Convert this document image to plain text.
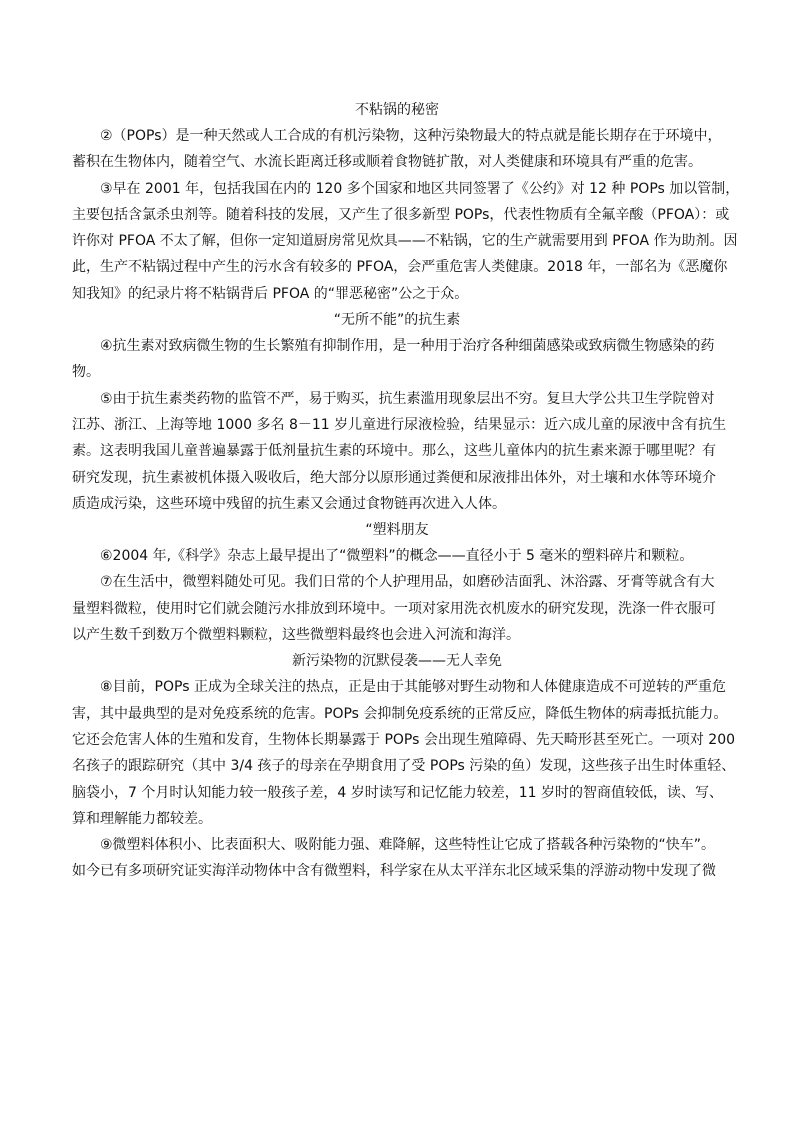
不粘锅的秘密
②（POPs）是一种天然或人工合成的有机污染物，这种污染物最大的特点就是能长期存在于环境中，
蓄积在生物体内，随着空气、水流长距离迁移或顺着食物链扩散，对人类健康和环境具有严重的危害。
③早在 2001 年，包括我国在内的 120 多个国家和地区共同签署了《公约》对 12 种 POPs 加以管制，
主要包括含氯杀虫剂等。随着科技的发展，又产生了很多新型 POPs，代表性物质有全氟辛酸（PFOA）：或
许你对 PFOA 不太了解，但你一定知道厨房常见炊具——不粘锅，它的生产就需要用到 PFOA 作为助剂。因
此，生产不粘锅过程中产生的污水含有较多的 PFOA，会严重危害人类健康。2018 年，一部名为《恶魔你
知我知》的纪录片将不粘锅背后 PFOA 的“罪恶秘密”公之于众。
“无所不能”的抗生素
④抗生素对致病微生物的生长繁殖有抑制作用，是一种用于治疗各种细菌感染或致病微生物感染的药
物。
⑤由于抗生素类药物的监管不严，易于购买，抗生素滥用现象层出不穷。复旦大学公共卫生学院曾对
江苏、浙江、上海等地 1000 多名 8－11 岁儿童进行尿液检验，结果显示：近六成儿童的尿液中含有抗生
素。这表明我国儿童普遍暴露于低剂量抗生素的环境中。那么，这些儿童体内的抗生素来源于哪里呢？有
研究发现，抗生素被机体摄入吸收后，绝大部分以原形通过粪便和尿液排出体外，对土壤和水体等环境介
质造成污染，这些环境中残留的抗生素又会通过食物链再次进入人体。
“塑料朋友
⑥2004 年,《科学》杂志上最早提出了“微塑料”的概念——直径小于 5 毫米的塑料碎片和颗粒。
⑦在生活中，微塑料随处可见。我们日常的个人护理用品，如磨砂洁面乳、沐浴露、牙膏等就含有大
量塑料微粒，使用时它们就会随污水排放到环境中。一项对家用洗衣机废水的研究发现，洗涤一件衣服可
以产生数千到数万个微塑料颗粒，这些微塑料最终也会进入河流和海洋。
新污染物的沉默侵袭——无人幸免
⑧目前，POPs 正成为全球关注的热点，正是由于其能够对野生动物和人体健康造成不可逆转的严重危
害，其中最典型的是对免疫系统的危害。POPs 会抑制免疫系统的正常反应，降低生物体的病毒抵抗能力。
它还会危害人体的生殖和发育，生物体长期暴露于 POPs 会出现生殖障碍、先天畸形甚至死亡。一项对 200
名孩子的跟踪研究（其中 3/4 孩子的母亲在孕期食用了受 POPs 污染的鱼）发现，这些孩子出生时体重轻、
脑袋小，7 个月时认知能力较一般孩子差，4 岁时读写和记忆能力较差，11 岁时的智商值较低，读、写、
算和理解能力都较差。
⑨微塑料体积小、比表面积大、吸附能力强、难降解，这些特性让它成了搭载各种污染物的“快车”。
如今已有多项研究证实海洋动物体中含有微塑料，科学家在从太平洋东北区域采集的浮游动物中发现了微
